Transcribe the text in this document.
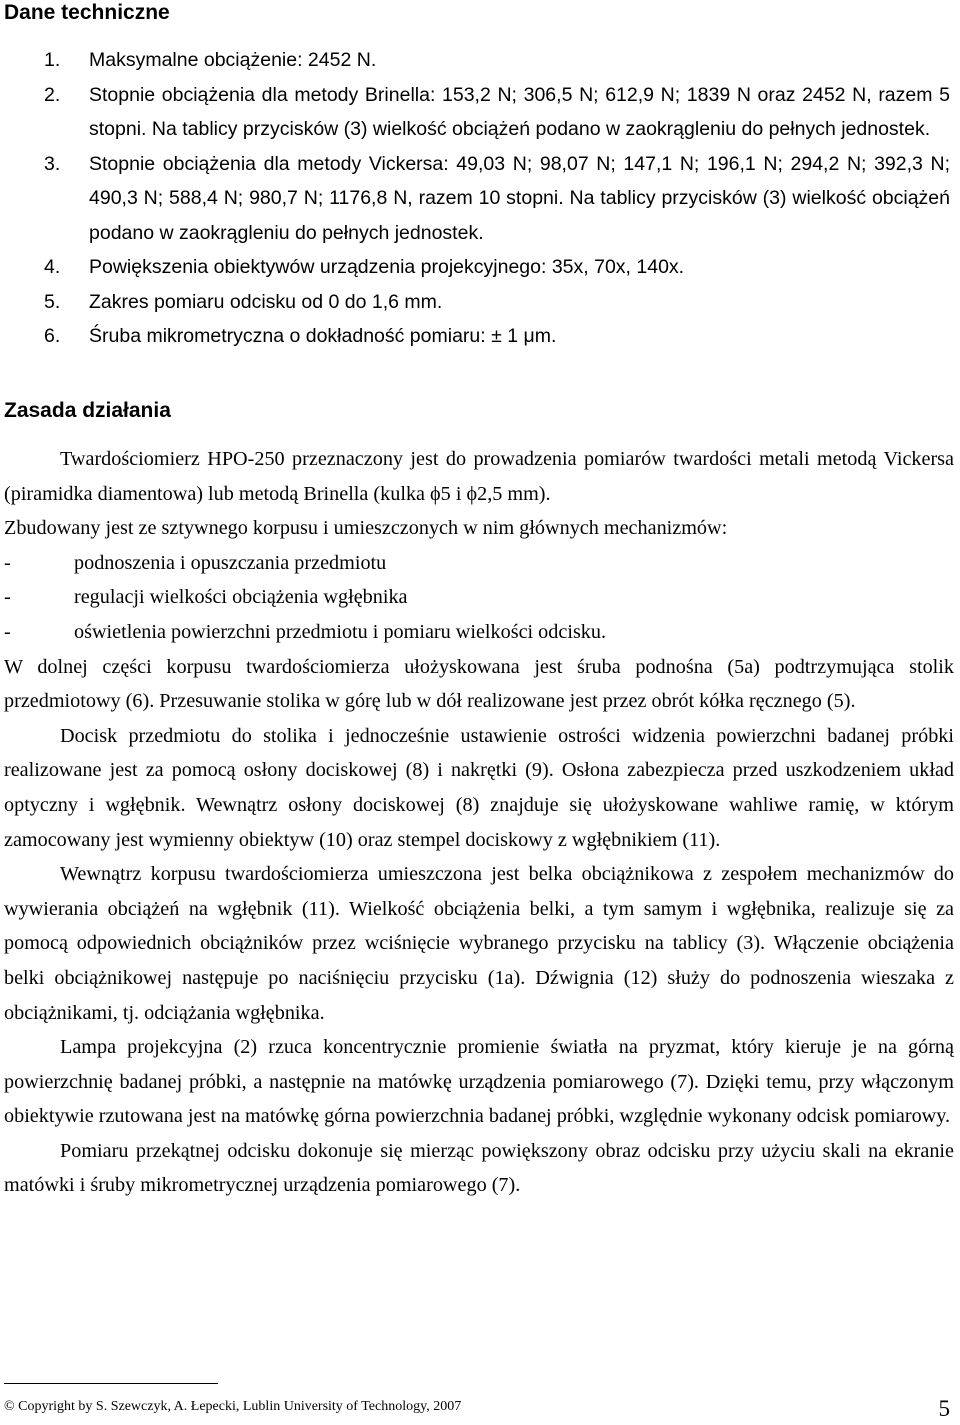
Dane techniczne
1. Maksymalne obciążenie: 2452 N.
2. Stopnie obciążenia dla metody Brinella: 153,2 N; 306,5 N; 612,9 N; 1839 N oraz 2452 N, razem 5 stopni. Na tablicy przycisków (3) wielkość obciążeń podano w zaokrągleniu do pełnych jednostek.
3. Stopnie obciążenia dla metody Vickersa: 49,03 N; 98,07 N; 147,1 N; 196,1 N; 294,2 N; 392,3 N; 490,3 N; 588,4 N; 980,7 N; 1176,8 N, razem 10 stopni. Na tablicy przycisków (3) wielkość obciążeń podano w zaokrągleniu do pełnych jednostek.
4. Powiększenia obiektywów urządzenia projekcyjnego: 35x, 70x, 140x.
5. Zakres pomiaru odcisku od 0 do 1,6 mm.
6. Śruba mikrometryczna o dokładność pomiaru: ± 1 μm.
Zasada działania

Twardościomierz HPO-250 przeznaczony jest do prowadzenia pomiarów twardości metali metodą Vickersa (piramidka diamentowa) lub metodą Brinella (kulka ϕ5 i ϕ2,5 mm).

Zbudowany jest ze sztywnego korpusu i umieszczonych w nim głównych mechanizmów:

-	podnoszenia i opuszczania przedmiotu

-	regulacji wielkości obciążenia wgłębnika

-	oświetlenia powierzchni przedmiotu i pomiaru wielkości odcisku.

W dolnej części korpusu twardościomierza ułożyskowana jest śruba podnośna (5a) podtrzymująca stolik przedmiotowy (6). Przesuwanie stolika w górę lub w dół realizowane jest przez obrót kółka ręcznego (5).

Docisk przedmiotu do stolika i jednocześnie ustawienie ostrości widzenia powierzchni badanej próbki realizowane jest za pomocą osłony dociskowej (8) i nakrętki (9). Osłona zabezpiecza przed uszkodzeniem układ optyczny i wgłębnik. Wewnątrz osłony dociskowej (8) znajduje się ułożyskowane wahliwe ramię, w którym zamocowany jest wymienny obiektyw (10) oraz stempel dociskowy z wgłębnikiem (11).

Wewnątrz korpusu twardościomierza umieszczona jest belka obciążnikowa z zespołem mechanizmów do wywierania obciążeń na wgłębnik (11). Wielkość obciążenia belki, a tym samym i wgłębnika, realizuje się za pomocą odpowiednich obciążników przez wciśnięcie wybranego przycisku na tablicy (3). Włączenie obciążenia belki obciążnikowej następuje po naciśnięciu przycisku (1a). Dźwignia (12) służy do podnoszenia wieszaka z obciążnikami, tj. odciążania wgłębnika.

Lampa projekcyjna (2) rzuca koncentrycznie promienie światła na pryzmat, który kieruje je na górną powierzchnię badanej próbki, a następnie na matówkę urządzenia pomiarowego (7). Dzięki temu, przy włączonym obiektywie rzutowana jest na matówkę górna powierzchnia badanej próbki, względnie wykonany odcisk pomiarowy.

Pomiaru przekątnej odcisku dokonuje się mierząc powiększony obraz odcisku przy użyciu skali na ekranie matówki i śruby mikrometrycznej urządzenia pomiarowego (7).

© Copyright by S. Szewczyk, A. Łepecki, Lublin University of Technology, 2007	5
